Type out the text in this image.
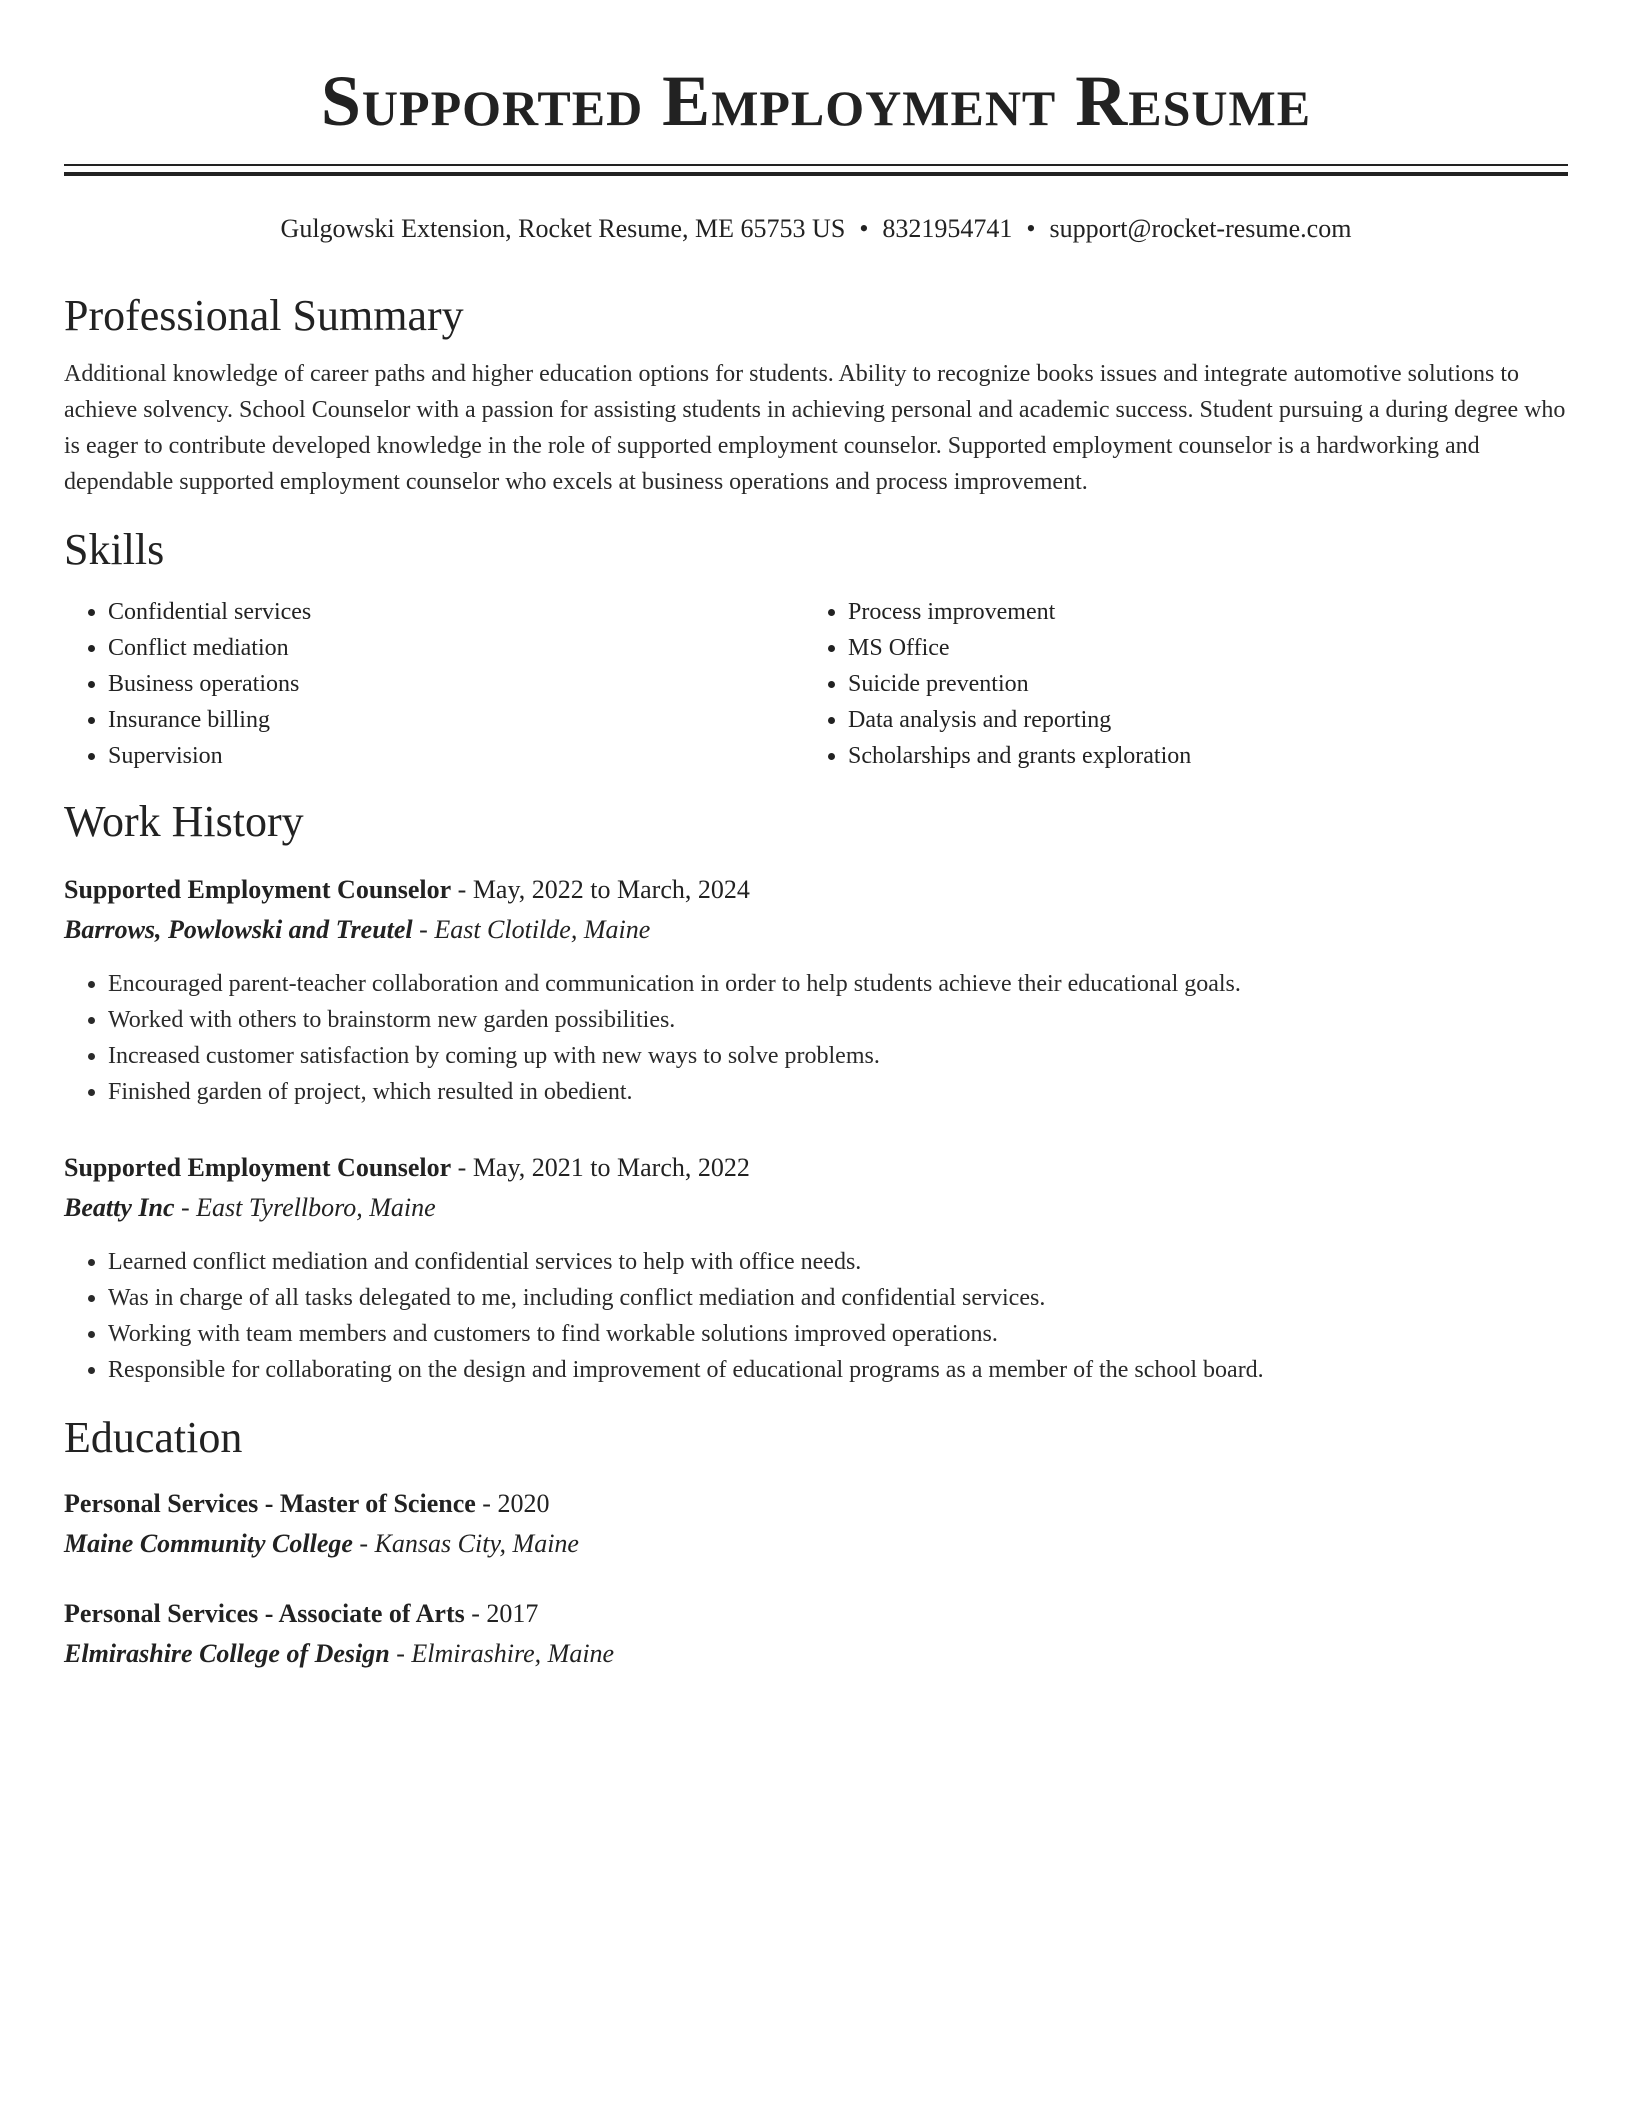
Supported Employment Resume
Gulgowski Extension, Rocket Resume, ME 65753 US • 8321954741 • support@rocket-resume.com
Professional Summary

Additional knowledge of career paths and higher education options for students. Ability to recognize books issues and integrate automotive solutions to achieve solvency. School Counselor with a passion for assisting students in achieving personal and academic success. Student pursuing a during degree who is eager to contribute developed knowledge in the role of supported employment counselor. Supported employment counselor is a hardworking and dependable supported employment counselor who excels at business operations and process improvement.

Skills
• Confidential services
• Conflict mediation
• Business operations
• Insurance billing
• Supervision
• Process improvement
• MS Office
• Suicide prevention
• Data analysis and reporting
• Scholarships and grants exploration
Work History
Supported Employment Counselor - May, 2022 to March, 2024
Barrows, Powlowski and Treutel - East Clotilde, Maine
• Encouraged parent-teacher collaboration and communication in order to help students achieve their educational goals.
• Worked with others to brainstorm new garden possibilities.
• Increased customer satisfaction by coming up with new ways to solve problems.
• Finished garden of project, which resulted in obedient.
Supported Employment Counselor - May, 2021 to March, 2022
Beatty Inc - East Tyrellboro, Maine
• Learned conflict mediation and confidential services to help with office needs.
• Was in charge of all tasks delegated to me, including conflict mediation and confidential services.
• Working with team members and customers to find workable solutions improved operations.
• Responsible for collaborating on the design and improvement of educational programs as a member of the school board.
Education
Personal Services - Master of Science - 2020
Maine Community College - Kansas City, Maine
Personal Services - Associate of Arts - 2017
Elmirashire College of Design - Elmirashire, Maine
